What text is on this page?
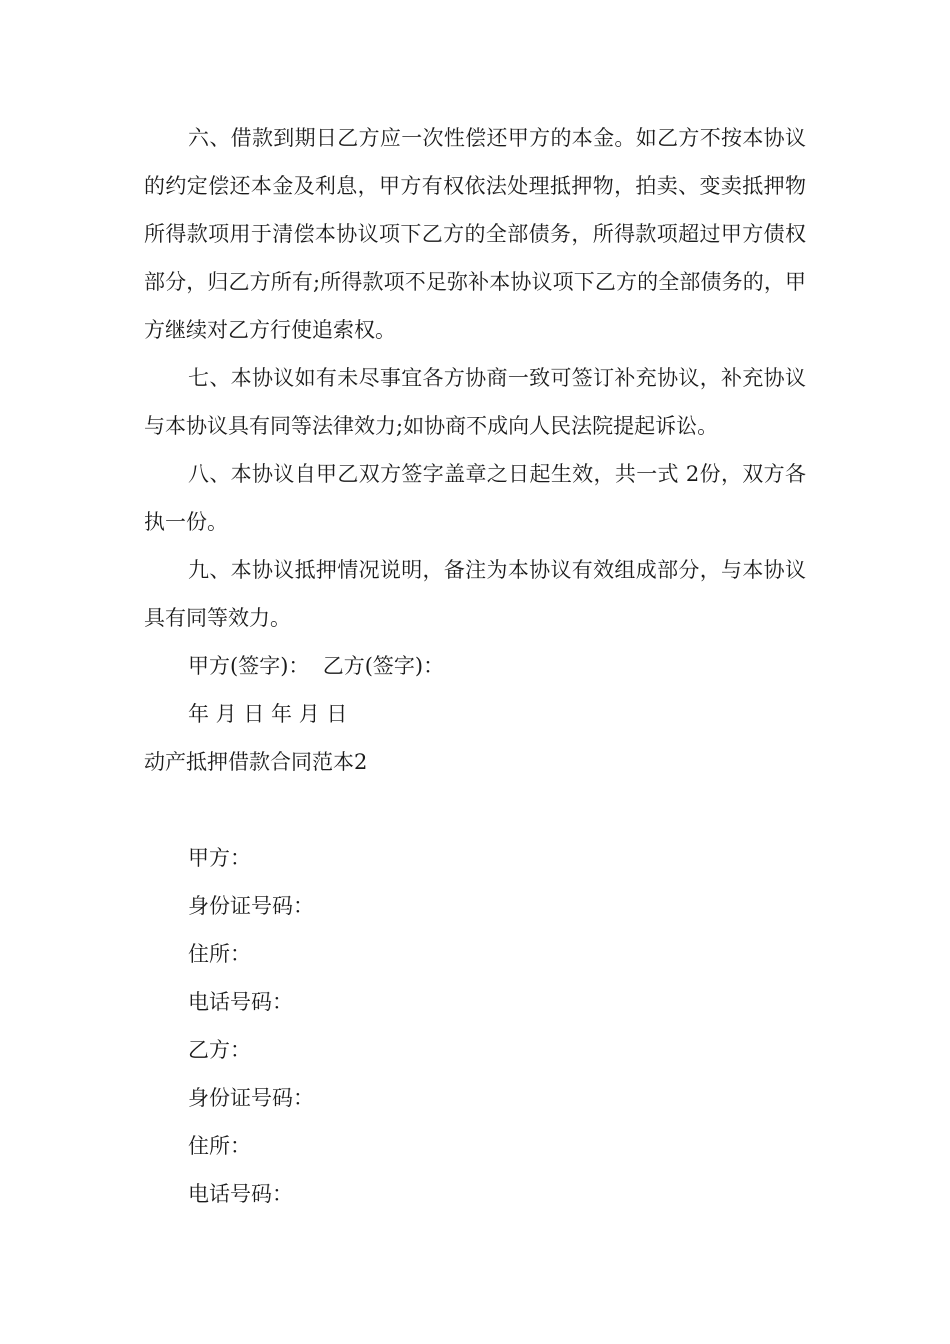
六、借款到期日乙方应一次性偿还甲方的本金。如乙方不按本协议的约定偿还本金及利息，甲方有权依法处理抵押物，拍卖、变卖抵押物所得款项用于清偿本协议项下乙方的全部债务，所得款项超过甲方债权部分，归乙方所有;所得款项不足弥补本协议项下乙方的全部债务的，甲方继续对乙方行使追索权。

七、本协议如有未尽事宜各方协商一致可签订补充协议，补充协议与本协议具有同等法律效力;如协商不成向人民法院提起诉讼。

八、本协议自甲乙双方签字盖章之日起生效，共一式 2份，双方各执一份。

九、本协议抵押情况说明，备注为本协议有效组成部分，与本协议具有同等效力。

甲方(签字)：  乙方(签字)：

年 月 日 年 月 日

动产抵押借款合同范本2

甲方：

身份证号码：

住所：

电话号码：

乙方：

身份证号码：

住所：

电话号码：
